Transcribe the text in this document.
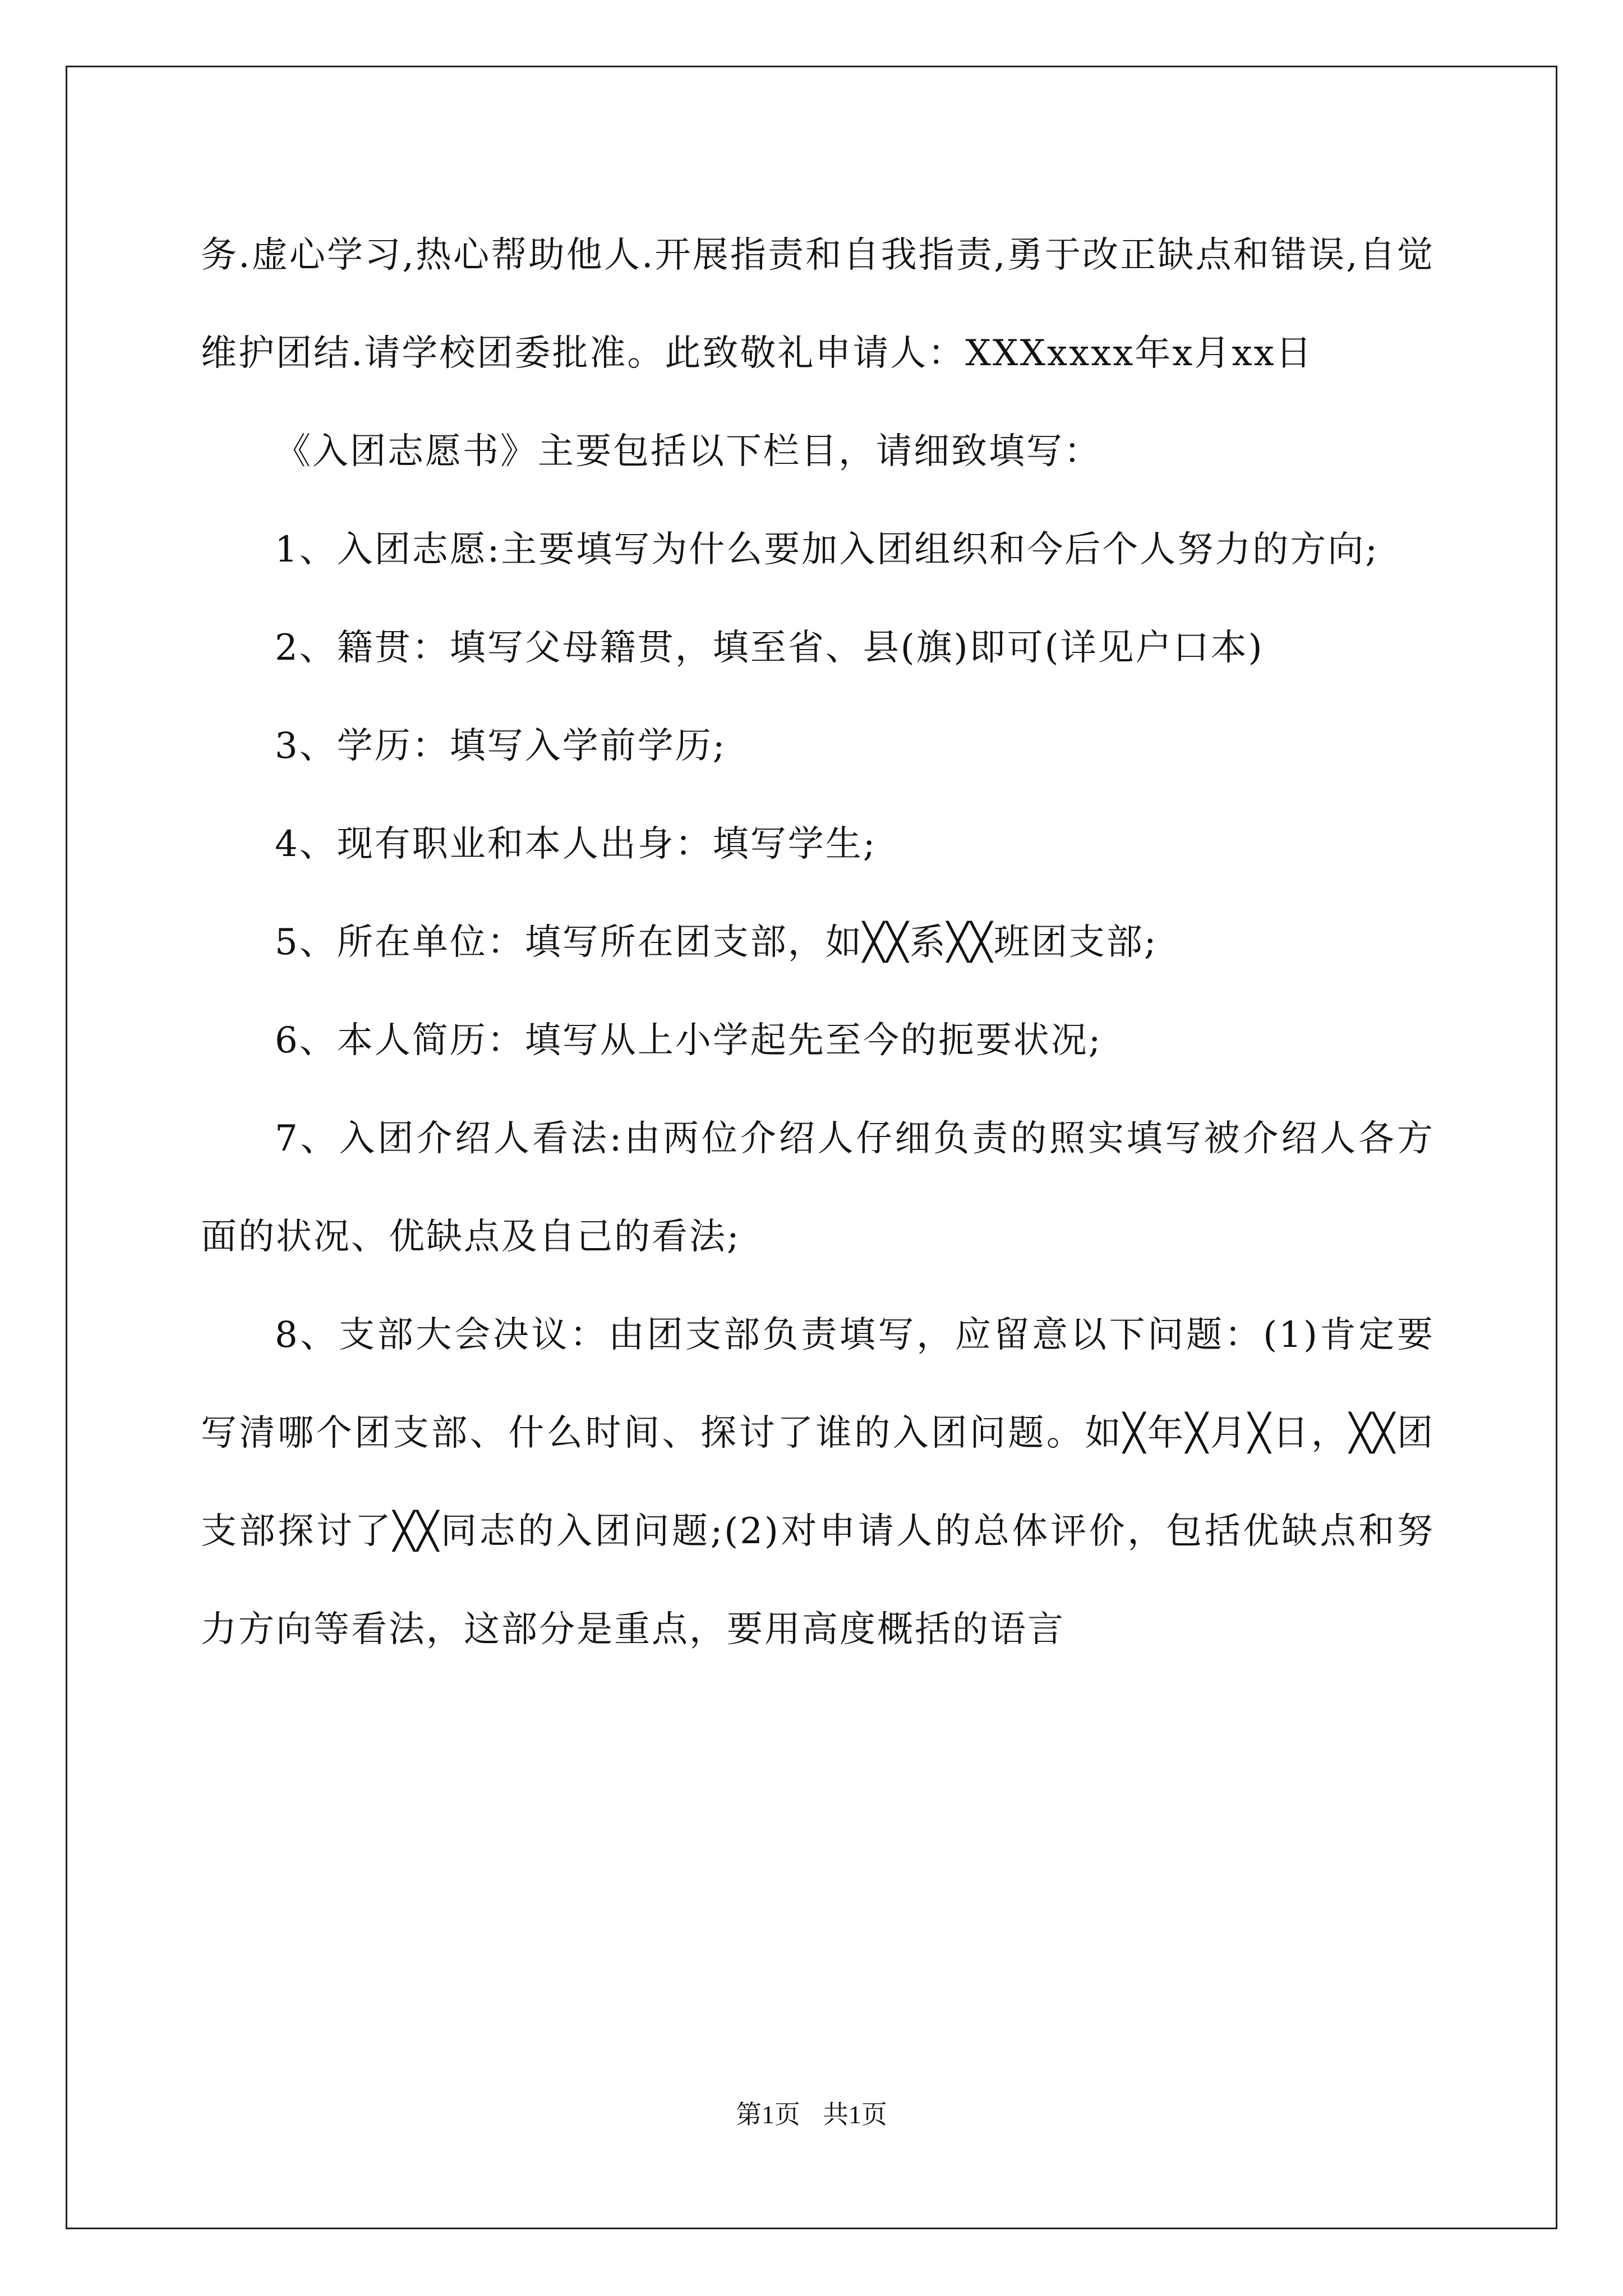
务.虚心学习,热心帮助他人.开展指责和自我指责,勇于改正缺点和错误,自觉维护团结.请学校团委批准。此致敬礼申请人：XXXxxxx年x月xx日

《入团志愿书》主要包括以下栏目，请细致填写：

1、入团志愿:主要填写为什么要加入团组织和今后个人努力的方向;

2、籍贯：填写父母籍贯，填至省、县(旗)即可(详见户口本)

3、学历：填写入学前学历;

4、现有职业和本人出身：填写学生;

5、所在单位：填写所在团支部，如╳╳系╳╳班团支部;

6、本人简历：填写从上小学起先至今的扼要状况;

7、入团介绍人看法:由两位介绍人仔细负责的照实填写被介绍人各方面的状况、优缺点及自己的看法;

8、支部大会决议：由团支部负责填写，应留意以下问题：(1)肯定要写清哪个团支部、什么时间、探讨了谁的入团问题。如╳年╳月╳日，╳╳团支部探讨了╳╳同志的入团问题;(2)对申请人的总体评价，包括优缺点和努力方向等看法，这部分是重点，要用高度概括的语言

第1页 共1页
